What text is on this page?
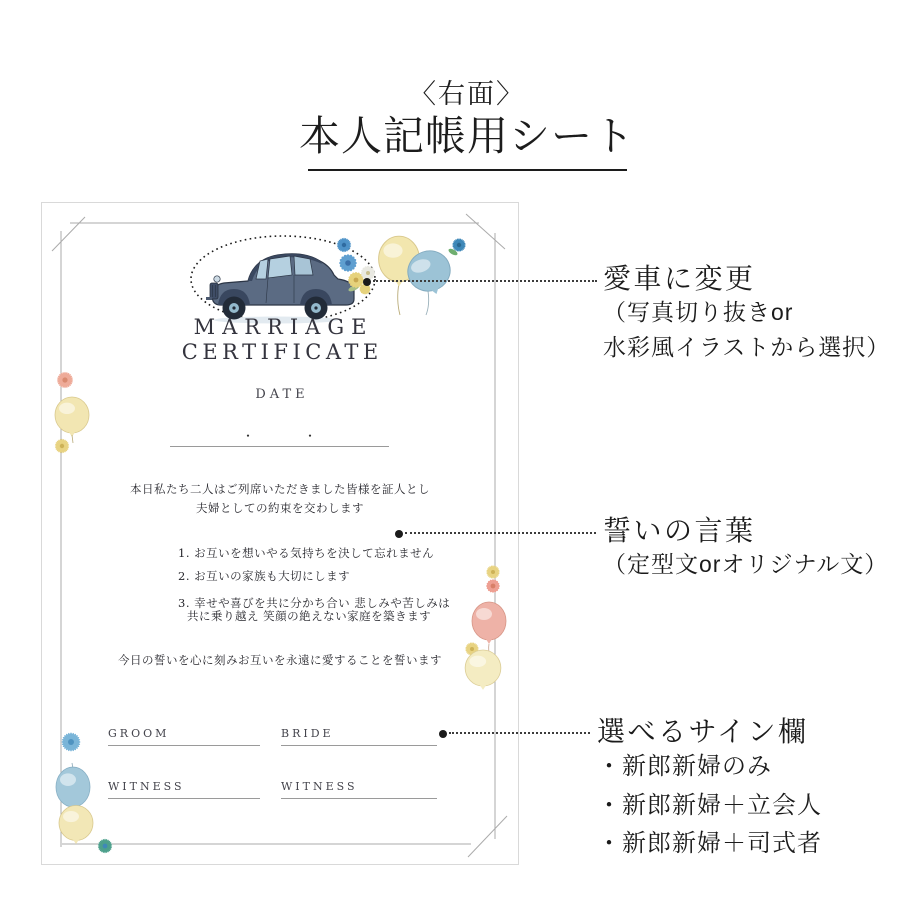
〈右面〉
本人記帳用シート
MARRIAGE
CERTIFICATE
DATE
・	・
本日私たち二人はご列席いただきました皆様を証人とし
夫婦としての約束を交わします
1. お互いを想いやる気持ちを決して忘れません
2. お互いの家族も大切にします
3. 幸せや喜びを共に分かち合い 悲しみや苦しみは
共に乗り越え 笑顔の絶えない家庭を築きます
今日の誓いを心に刻みお互いを永遠に愛することを誓います
GROOM	BRIDE
WITNESS	WITNESS
愛車に変更
（写真切り抜きor
水彩風イラストから選択）
誓いの言葉
（定型文orオリジナル文）
選べるサイン欄
・新郎新婦のみ
・新郎新婦＋立会人
・新郎新婦＋司式者
